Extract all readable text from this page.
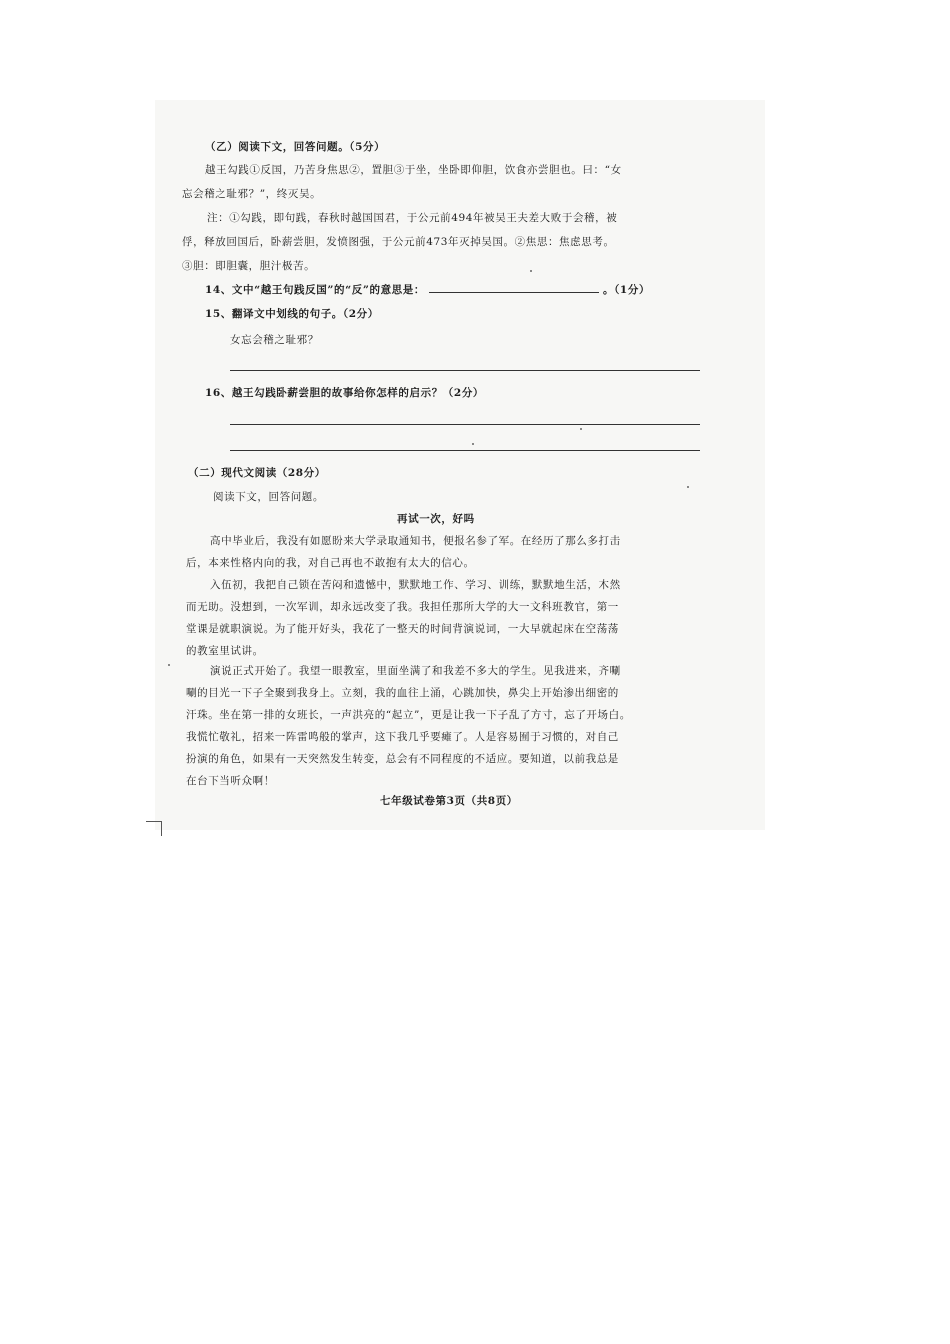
（乙）阅读下文，回答问题。（5分）
越王勾践①反国，乃苦身焦思②，置胆③于坐，坐卧即仰胆，饮食亦尝胆也。曰：“女
忘会稽之耻邪？”，终灭吴。
注：①勾践，即句践，春秋时越国国君，于公元前494年被吴王夫差大败于会稽，被
俘，释放回国后，卧薪尝胆，发愤图强，于公元前473年灭掉吴国。②焦思：焦虑思考。
③胆：即胆囊，胆汁极苦。
14、文中“越王句践反国”的“反”的意思是：	。（1分）
15、翻译文中划线的句子。（2分）
女忘会稽之耻邪？
16、越王勾践卧薪尝胆的故事给你怎样的启示？（2分）
（二）现代文阅读（28分）
阅读下文，回答问题。
再试一次，好吗
高中毕业后，我没有如愿盼来大学录取通知书，便报名参了军。在经历了那么多打击
后，本来性格内向的我，对自己再也不敢抱有太大的信心。
入伍初，我把自己锁在苦闷和遗憾中，默默地工作、学习、训练，默默地生活，木然
而无助。没想到，一次军训，却永远改变了我。我担任那所大学的大一文科班教官，第一
堂课是就职演说。为了能开好头，我花了一整天的时间背演说词，一大早就起床在空荡荡
的教室里试讲。
演说正式开始了。我望一眼教室，里面坐满了和我差不多大的学生。见我进来，齐唰
唰的目光一下子全聚到我身上。立刻，我的血往上涌，心跳加快，鼻尖上开始渗出细密的
汗珠。坐在第一排的女班长，一声洪亮的“起立”，更是让我一下子乱了方寸，忘了开场白。
我慌忙敬礼，招来一阵雷鸣般的掌声，这下我几乎要瘫了。人是容易囿于习惯的，对自己
扮演的角色，如果有一天突然发生转变，总会有不同程度的不适应。要知道，以前我总是
在台下当听众啊！
七年级试卷第3页（共8页）
